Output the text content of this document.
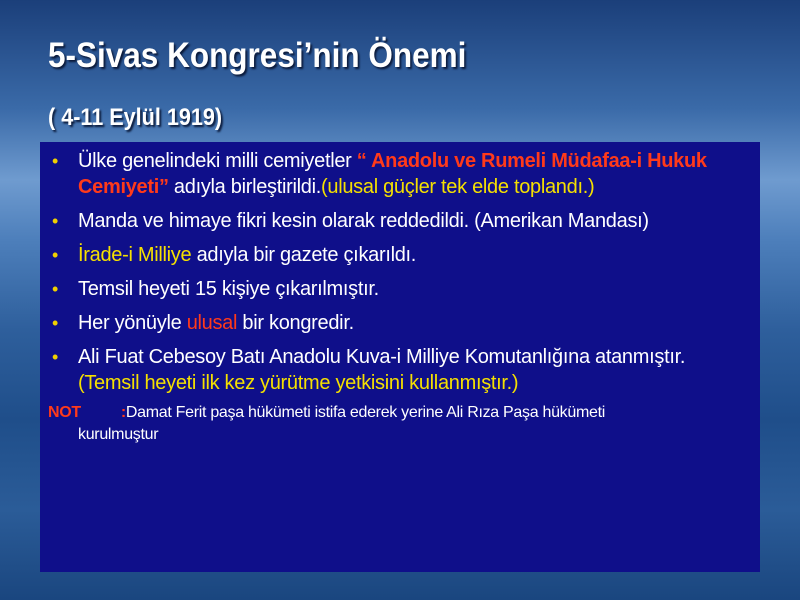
5-Sivas Kongresi’nin Önemi
( 4-11 Eylül 1919)
• Ülke genelindeki milli cemiyetler “ Anadolu ve Rumeli Müdafaa-i Hukuk Cemiyeti” adıyla birleştirildi.(ulusal güçler tek elde toplandı.)
• Manda ve himaye fikri kesin olarak reddedildi. (Amerikan Mandası)
• İrade-i Milliye adıyla bir gazete çıkarıldı.
• Temsil heyeti 15 kişiye çıkarılmıştır.
• Her yönüyle ulusal bir kongredir.
• Ali Fuat Cebesoy Batı Anadolu Kuva-i Milliye Komutanlığına atanmıştır.(Temsil heyeti ilk kez yürütme yetkisini kullanmıştır.)
NOT	:Damat Ferit paşa hükümeti istifa ederek yerine Ali Rıza Paşa hükümeti
kurulmuştur
